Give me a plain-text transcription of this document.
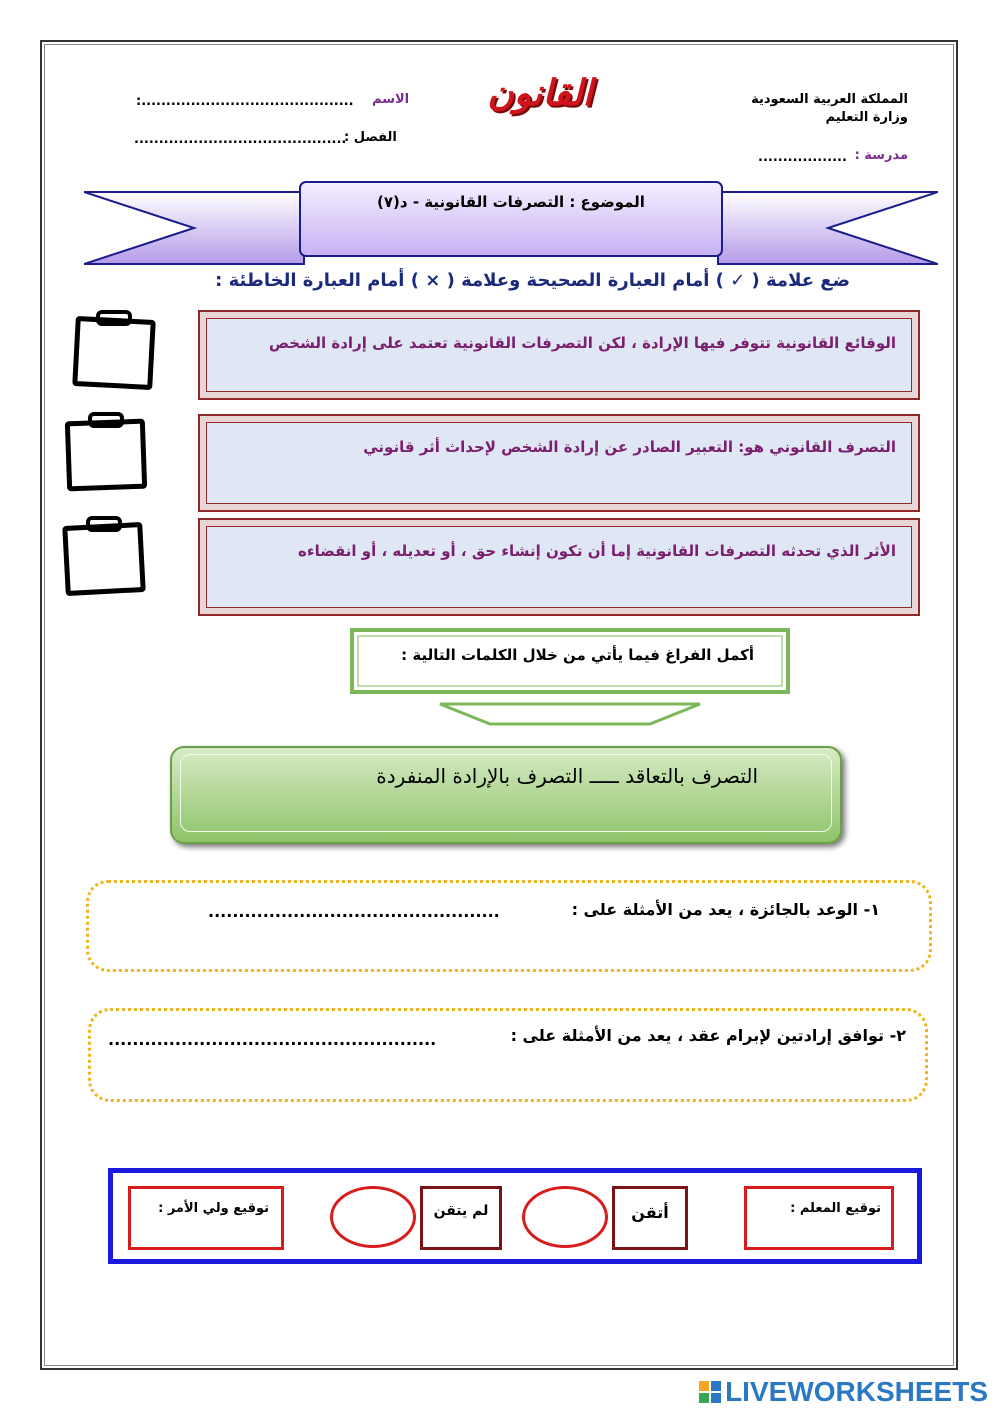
المملكة العربية السعودية
وزارة التعليم
مدرسة :
..................
القانون
الاسم
:...........................................
الفصل :
...........................................
الموضوع : التصرفات القانونية - د(٧)
ضع علامة ( ✓ ) أمام العبارة الصحيحة وعلامة ( × ) أمام العبارة الخاطئة :
الوقائع القانونية تتوفر فيها الإرادة ، لكن التصرفات القانونية تعتمد على إرادة الشخص
التصرف القانوني هو: التعبير الصادر عن إرادة الشخص لإحداث أثر قانوني
الأثر الذي تحدثه التصرفات القانونية إما أن تكون إنشاء حق ، أو تعديله ، أو انقضاءه
أكمل الفراغ فيما يأتي من خلال الكلمات التالية :
التصرف بالتعاقد ـــــ التصرف بالإرادة المنفردة
١- الوعد بالجائزة ، يعد من الأمثلة على :
................................................
٢- توافق إرادتين لإبرام عقد ، يعد من الأمثلة على :
......................................................
توقيع المعلم :
أتقن
لم يتقن
توقيع ولي الأمر :
LIVEWORKSHEETS
